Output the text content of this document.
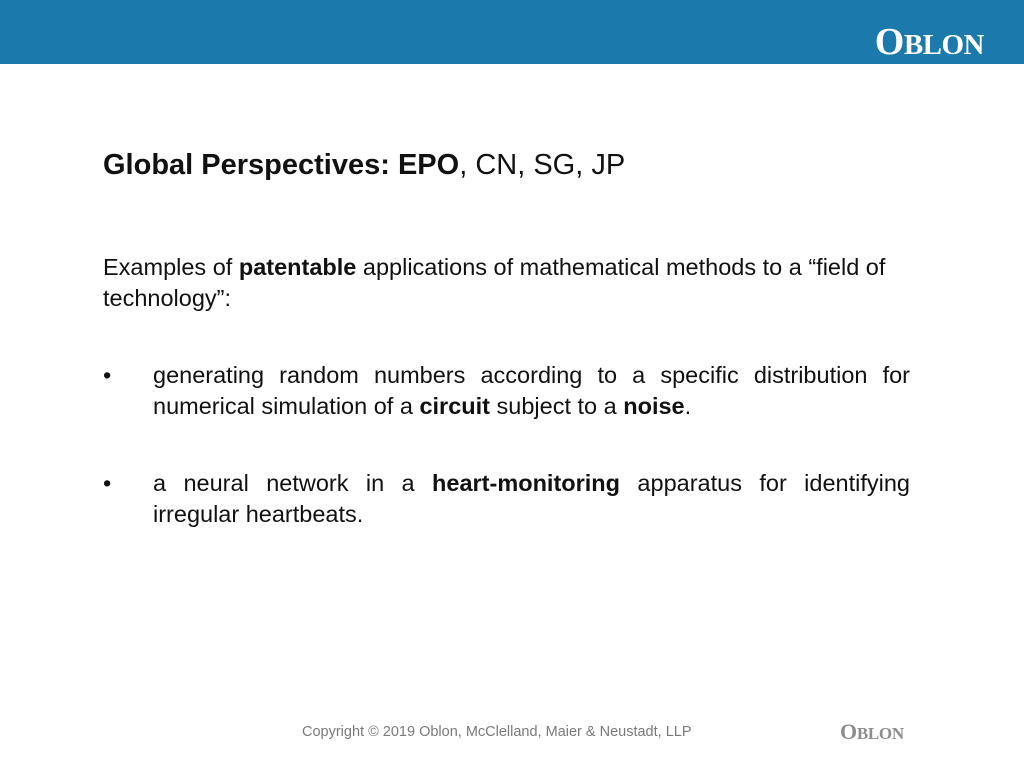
OBLON
Global Perspectives: EPO, CN, SG, JP
Examples of patentable applications of mathematical methods to a “field of technology”:
•	generating random numbers according to a specific distribution for numerical simulation of a circuit subject to a noise.
•	a neural network in a heart-monitoring apparatus for identifying irregular heartbeats.
Copyright © 2019 Oblon, McClelland, Maier & Neustadt, LLP	OBLON
